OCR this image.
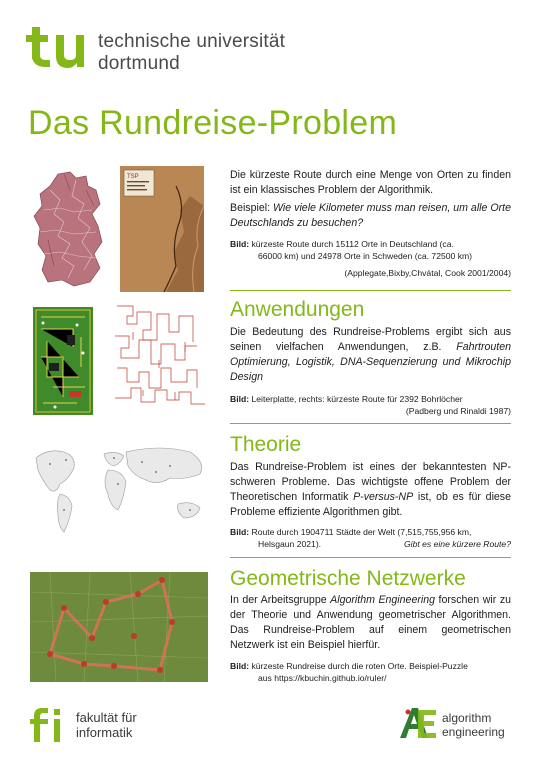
technische universität
dortmund
Das Rundreise-Problem
TSP	Die kürzeste Route durch eine Menge von Orten zu finden ist ein klassisches Problem der Algorithmik.
Beispiel: Wie viele Kilometer muss man reisen, um alle Orte Deutschlands zu besuchen?
Bild: kürzeste Route durch 15112 Orte in Deutschland (ca.
66000 km) und 24978 Orte in Schweden (ca. 72500 km)
(Applegate,Bixby,Chvátal, Cook 2001/2004)
Anwendungen
Die Bedeutung des Rundreise-Problems ergibt sich aus seinen vielfachen Anwendungen, z.B. Fahrtrouten Optimierung, Logistik, DNA-Sequenzierung und Mikrochip Design
Bild: Leiterplatte, rechts: kürzeste Route für 2392 Bohrlöcher
(Padberg und Rinaldi 1987)
Theorie
Das Rundreise-Problem ist eines der bekanntesten NP-schweren Probleme. Das wichtigste offene Problem der Theoretischen Informatik P-versus-NP ist, ob es für diese Probleme effiziente Algorithmen gibt.
Bild: Route durch 1904711 Städte der Welt (7,515,755,956 km,
Helsgaun 2021).	Gibt es eine kürzere Route?
Geometrische Netzwerke
In der Arbeitsgruppe Algorithm Engineering forschen wir zu der Theorie und Anwendung geometrischer Algorithmen. Das Rundreise-Problem auf einem geometrischen Netzwerk ist ein Beispiel hierfür.
Bild: kürzeste Rundreise durch die roten Orte. Beispiel-Puzzle
aus https://kbuchin.github.io/ruler/
fakultät für
informatik
algorithm
engineering
